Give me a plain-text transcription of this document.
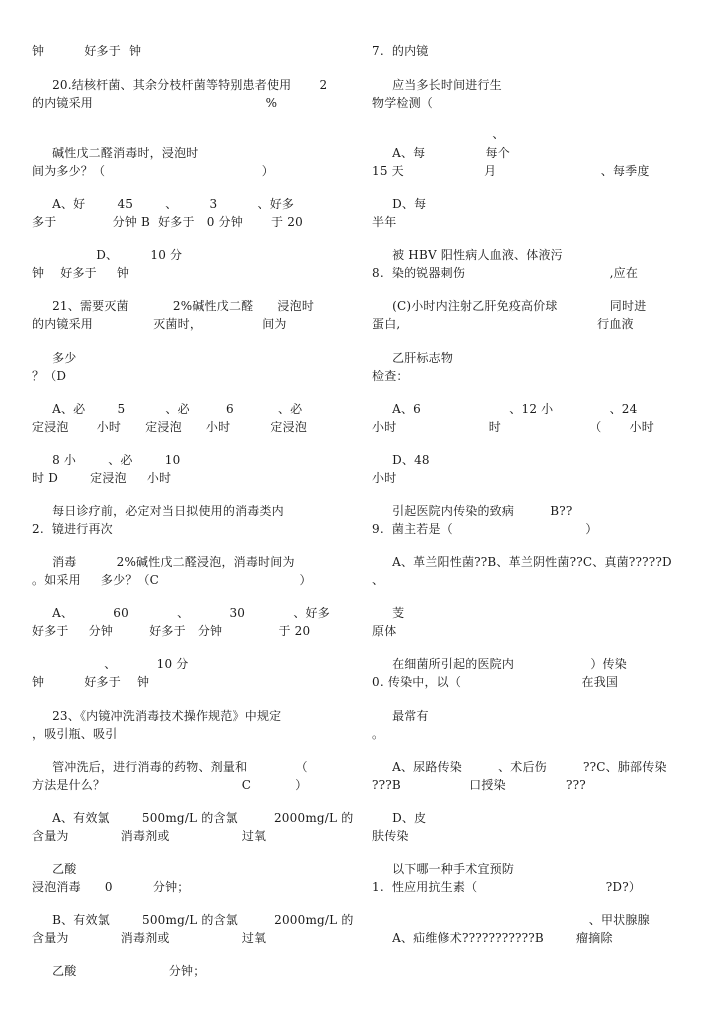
钟          好多于  钟
20.结核杆菌、其余分枝杆菌等特别患者使用       2
的内镜采用                                           %
碱性戊二醛消毒时，浸泡时
间为多少？（                                       ）
A、好        45        、        3          、好多
多于              分钟 B  好多于   0 分钟       于 20
D、        10 分
钟    好多于     钟
21、需要灭菌           2%碱性戊二醛      浸泡时
的内镜采用               灭菌时，               间为
多少
？（D
A、必        5          、必         6           、必
定浸泡       小时      定浸泡      小时          定浸泡
8 小        、必        10
时 D        定浸泡     小时
每日诊疗前，必定对当日拟使用的消毒类内
2.  镜进行再次
消毒          2%碱性戊二醛浸泡，消毒时间为
。如采用     多少？（C                                   ）
A、          60            、          30            、好多
好多于     分钟         好多于   分钟              于 20
、          10 分
钟          好多于    钟
23、《内镜冲洗消毒技术操作规范》中规定
，吸引瓶、吸引
管冲洗后，进行消毒的药物、剂量和            （
方法是什么？                                  C           ）
A、有效氯        500mg/L 的含氯         2000mg/L 的
含量为             消毒剂或                  过氧
乙酸
浸泡消毒      0          分钟；
B、有效氯        500mg/L 的含氯         2000mg/L 的
含量为             消毒剂或                  过氧
乙酸                       分钟；
7.  的内镜
应当多长时间进行生
物学检测（
、
A、每               每个
15 天                    月                          、每季度
D、每
半年
被 HBV 阳性病人血液、体液污
8.  染的锐器刺伤                                    ,应在
(C)小时内注射乙肝免疫高价球             同时进
蛋白,                                                 行血液
乙肝标志物
检查：
A、6                      、12 小              、24
小时                       时                      （       小时
D、48
小时
引起医院内传染的致病         B??
9.  菌主若是（                                 ）
A、革兰阳性菌??B、革兰阴性菌??C、真菌?????D
、
芰
原体
在细菌所引起的医院内                   ）传染
0. 传染中，以（                              在我国
最常有
。
A、尿路传染         、术后伤         ??C、肺部传染
???B                 口授染               ???
D、皮
肤传染
以下哪一种手术宜预防
1.  性应用抗生素（                                ?D?）
、甲状腺腺
A、疝维修术???????????B        瘤摘除
